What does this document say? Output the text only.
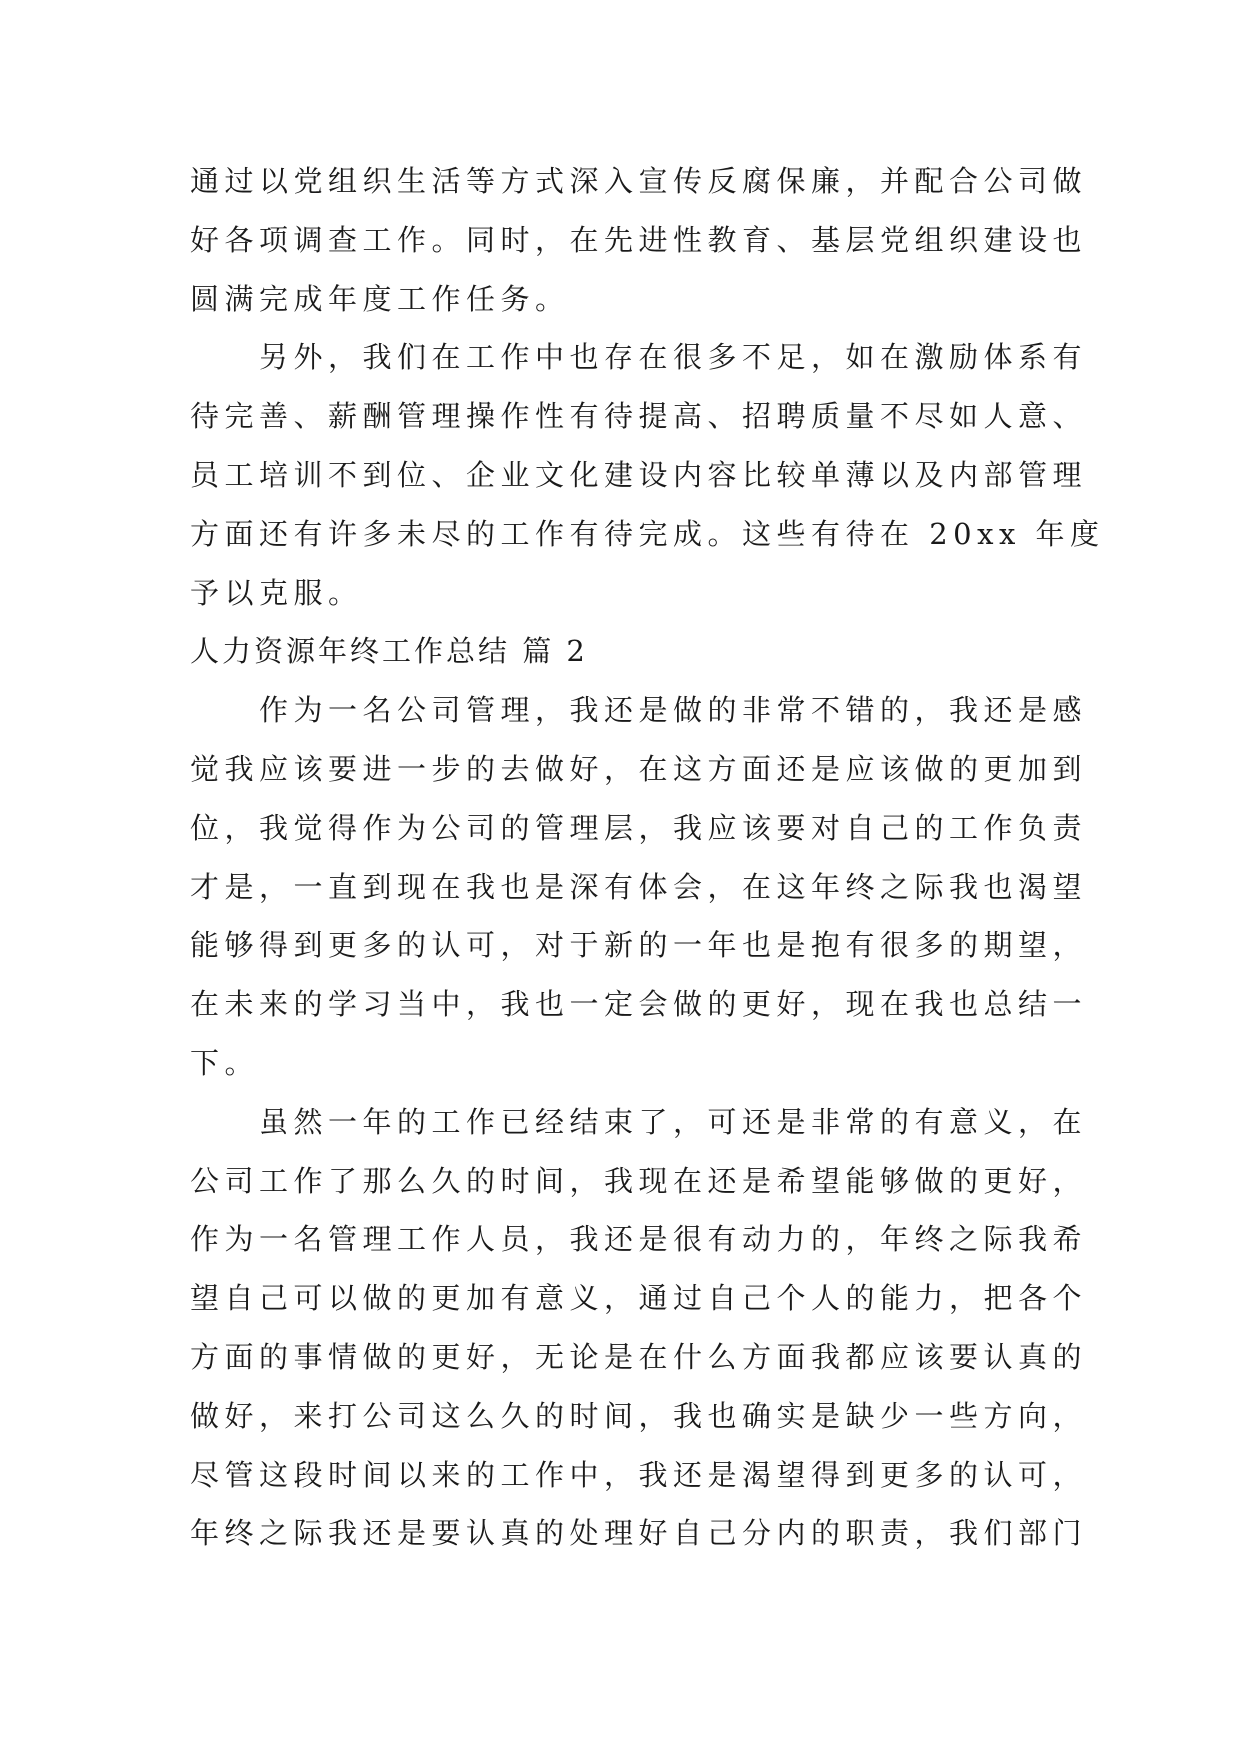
通过以党组织生活等方式深入宣传反腐保廉，并配合公司做
好各项调查工作。同时，在先进性教育、基层党组织建设也
圆满完成年度工作任务。
另外，我们在工作中也存在很多不足，如在激励体系有
待完善、薪酬管理操作性有待提高、招聘质量不尽如人意、
员工培训不到位、企业文化建设内容比较单薄以及内部管理
方面还有许多未尽的工作有待完成。这些有待在 20xx 年度
予以克服。
人力资源年终工作总结 篇 2
作为一名公司管理，我还是做的非常不错的，我还是感
觉我应该要进一步的去做好，在这方面还是应该做的更加到
位，我觉得作为公司的管理层，我应该要对自己的工作负责
才是，一直到现在我也是深有体会，在这年终之际我也渴望
能够得到更多的认可，对于新的一年也是抱有很多的期望，
在未来的学习当中，我也一定会做的更好，现在我也总结一
下。
虽然一年的工作已经结束了，可还是非常的有意义，在
公司工作了那么久的时间，我现在还是希望能够做的更好，
作为一名管理工作人员，我还是很有动力的，年终之际我希
望自己可以做的更加有意义，通过自己个人的能力，把各个
方面的事情做的更好，无论是在什么方面我都应该要认真的
做好，来打公司这么久的时间，我也确实是缺少一些方向，
尽管这段时间以来的工作中，我还是渴望得到更多的认可，
年终之际我还是要认真的处理好自己分内的职责，我们部门
